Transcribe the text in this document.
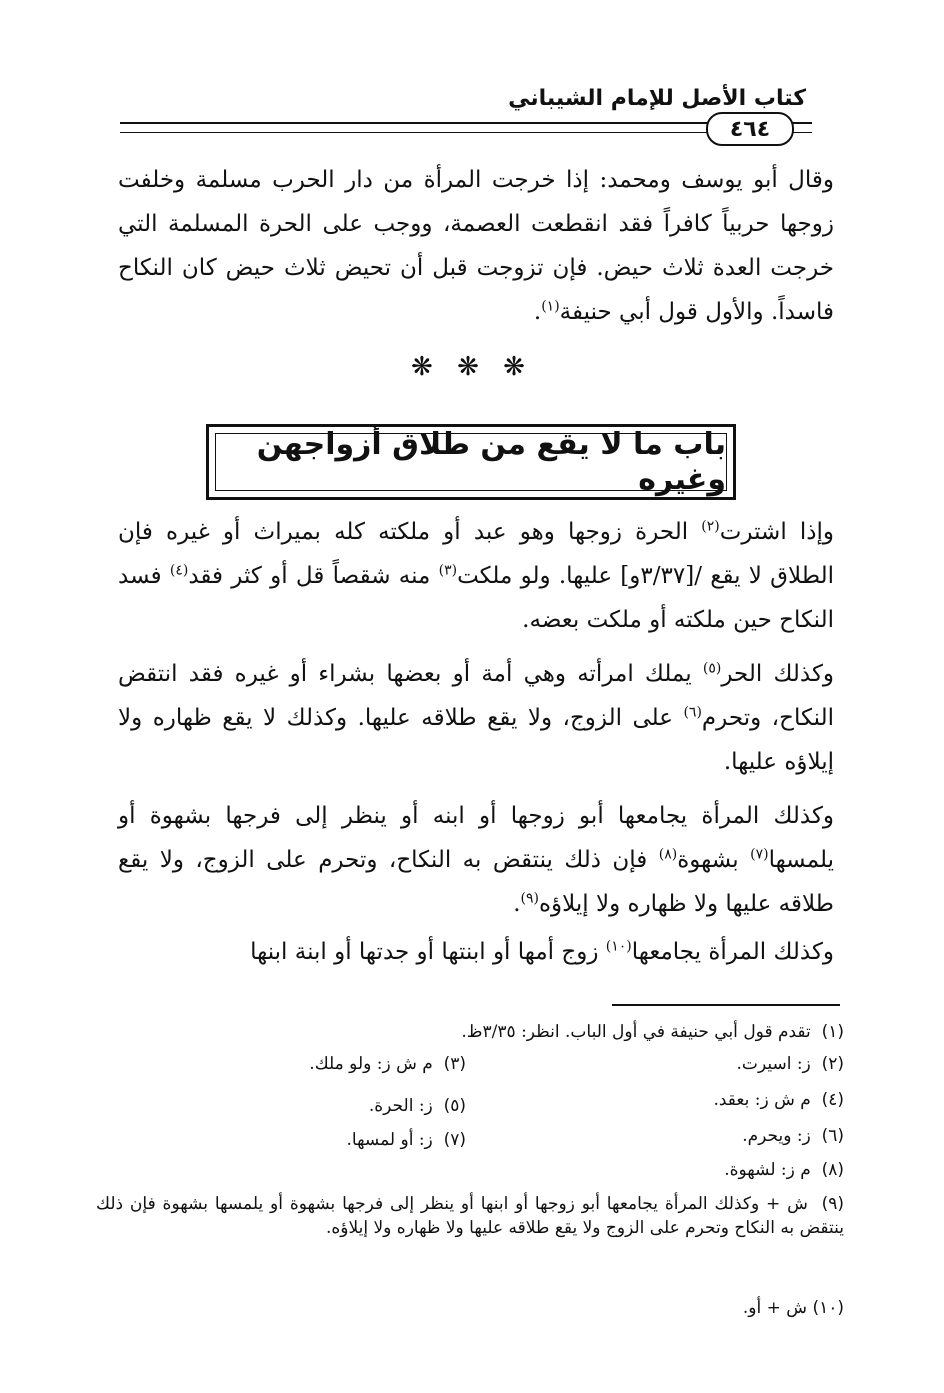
كتاب الأصل للإمام الشيباني
٤٦٤
وقال أبو يوسف ومحمد: إذا خرجت المرأة من دار الحرب مسلمة وخلفت زوجها حربياً كافراً فقد انقطعت العصمة، ووجب على الحرة المسلمة التي خرجت العدة ثلاث حيض. فإن تزوجت قبل أن تحيض ثلاث حيض كان النكاح فاسداً. والأول قول أبي حنيفة$^{(١)}$.
❋ ❋ ❋
باب ما لا يقع من طلاق أزواجهن وغيره
وإذا اشترت$^{(٢)}$ الحرة زوجها وهو عبد أو ملكته كله بميراث أو غيره فإن الطلاق لا يقع /[٣/٣٧و] عليها. ولو ملكت$^{(٣)}$ منه شقصاً قل أو كثر فقد$^{(٤)}$ فسد النكاح حين ملكته أو ملكت بعضه.
وكذلك الحر$^{(٥)}$ يملك امرأته وهي أمة أو بعضها بشراء أو غيره فقد انتقض النكاح، وتحرم$^{(٦)}$ على الزوج، ولا يقع طلاقه عليها. وكذلك لا يقع ظهاره ولا إيلاؤه عليها.
وكذلك المرأة يجامعها أبو زوجها أو ابنه أو ينظر إلى فرجها بشهوة أو يلمسها$^{(٧)}$ بشهوة$^{(٨)}$ فإن ذلك ينتقض به النكاح، وتحرم على الزوج، ولا يقع طلاقه عليها ولا ظهاره ولا إيلاؤه$^{(٩)}$.
وكذلك المرأة يجامعها$^{(١٠)}$ زوج أمها أو ابنتها أو جدتها أو ابنة ابنها
(١)  تقدم قول أبي حنيفة في أول الباب. انظر: ٣/٣٥ظ.
(٢)  ز: اسيرت.
(٣)  م ش ز: ولو ملك.
(٤)  م ش ز: بعقد.
(٥)  ز: الحرة.
(٦)  ز: ويحرم.
(٧)  ز: أو لمسها.
(٨)  م ز: لشهوة.
(٩)  ش + وكذلك المرأة يجامعها أبو زوجها أو ابنها أو ينظر إلى فرجها بشهوة أو يلمسها بشهوة فإن ذلك ينتقض به النكاح وتحرم على الزوج ولا يقع طلاقه عليها ولا ظهاره ولا إيلاؤه.
(١٠) ش + أو.
